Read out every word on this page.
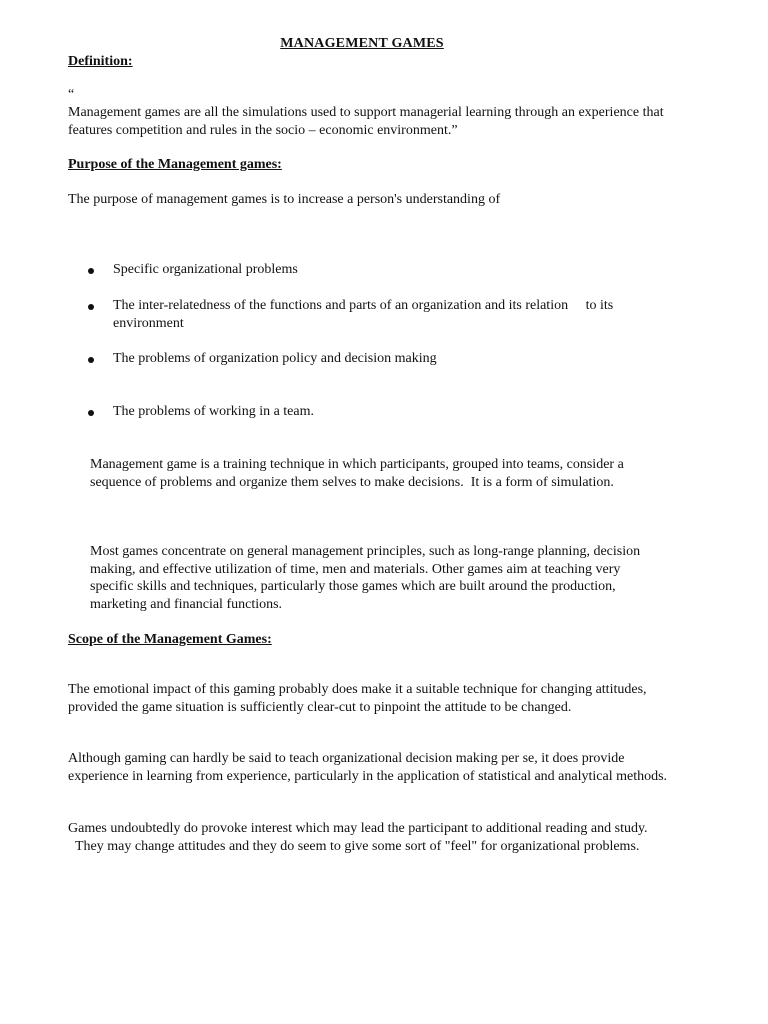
MANAGEMENT GAMES
Definition:
“
Management games are all the simulations used to support managerial learning through an experience that features competition and rules in the socio – economic environment.”
Purpose of the Management games:
The purpose of management games is to increase a person's understanding of
Specific organizational problems
The inter-relatedness of the functions and parts of an organization and its relation     to its environment
The problems of organization policy and decision making
The problems of working in a team.
Management game is a training technique in which participants, grouped into teams, consider a sequence of problems and organize them selves to make decisions.  It is a form of simulation.
Most games concentrate on general management principles, such as long-range planning, decision making, and effective utilization of time, men and materials. Other games aim at teaching very specific skills and techniques, particularly those games which are built around the production, marketing and financial functions.
Scope of the Management Games:
The emotional impact of this gaming probably does make it a suitable technique for changing attitudes, provided the game situation is sufficiently clear-cut to pinpoint the attitude to be changed.
Although gaming can hardly be said to teach organizational decision making per se, it does provide experience in learning from experience, particularly in the application of statistical and analytical methods.
Games undoubtedly do provoke interest which may lead the participant to additional reading and study.   They may change attitudes and they do seem to give some sort of "feel" for organizational problems.
